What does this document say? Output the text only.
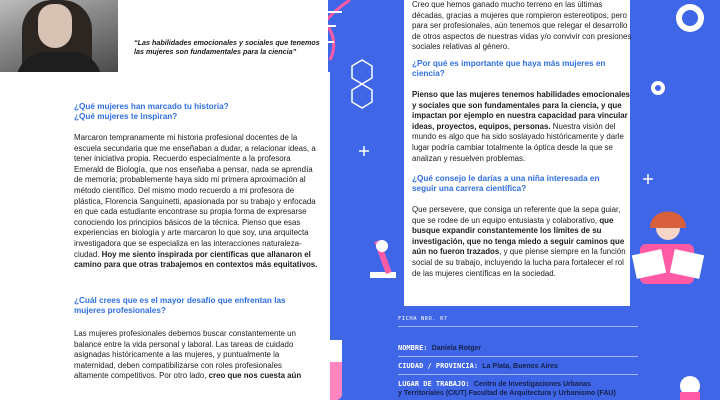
“Las habilidades emocionales y sociales que tenemos las mujeres son fundamentales para la ciencia”
¿Qué mujeres han marcado tu historia?
¿Qué mujeres te inspiran?
Marcaron tempranamente mi historia profesional docentes de la escuela secundaria que me enseñaban a dudar, a relacionar ideas, a tener iniciativa propia. Recuerdo especialmente a la profesora Emerald de Biología, que nos enseñaba a pensar, nada se aprendía de memoria; probablemente haya sido mi primera aproximación al método científico. Del mismo modo recuerdo a mi profesora de plástica, Florencia Sanguinetti, apasionada por su trabajo y enfocada en que cada estudiante encontrase su propia forma de expresarse conociendo los principios básicos de la técnica. Pienso que esas experiencias en biología y arte marcaron lo que soy, una arquitecta investigadora que se especializa en las interacciones naturaleza-ciudad. Hoy me siento inspirada por científicas que allanaron el camino para que otras trabajemos en contextos más equitativos.
¿Cuál crees que es el mayor desafío que enfrentan las mujeres profesionales?
Las mujeres profesionales debemos buscar constantemente un balance entre la vida personal y laboral. Las tareas de cuidado asignadas históricamente a las mujeres, y puntualmente la maternidad, deben compatibilizarse con roles profesionales altamente competitivos. Por otro lado, creo que nos cuesta aún
Creo que hemos ganado mucho terreno en las últimas décadas, gracias a mujeres que rompieron estereotipos, pero para ser profesionales, aún tenemos que relegar el desarrollo de otros aspectos de nuestras vidas y/o convivir con presiones sociales relativas al género.
¿Por qué es importante que haya más mujeres en ciencia?
Pienso que las mujeres tenemos habilidades emocionales y sociales que son fundamentales para la ciencia, y que impactan por ejemplo en nuestra capacidad para vincular ideas, proyectos, equipos, personas. Nuestra visión del mundo es algo que ha sido soslayado históricamente y darle lugar podría cambiar totalmente la óptica desde la que se analizan y resuelven problemas.
¿Qué consejo le darías a una niña interesada en seguir una carrera científica?
Que persevere, que consiga un referente que la sepa guiar, que se rodee de un equipo entusiasta y colaborativo, que busque expandir constantemente los límites de su investigación, que no tenga miedo a seguir caminos que aún no fueron trazados, y que piense siempre en la función social de su trabajo, incluyendo la lucha para fortalecer el rol de las mujeres científicas en la sociedad.
FICHA NRO. 07
NOMBRE: Daniela Rotger
CIUDAD / PROVINCIA: La Plata, Buenos Aires
LUGAR DE TRABAJO: Centro de Investigaciones Urbanas
y Territoriales (CIUT) Facultad de Arquitectura y Urbanismo (FAU)
